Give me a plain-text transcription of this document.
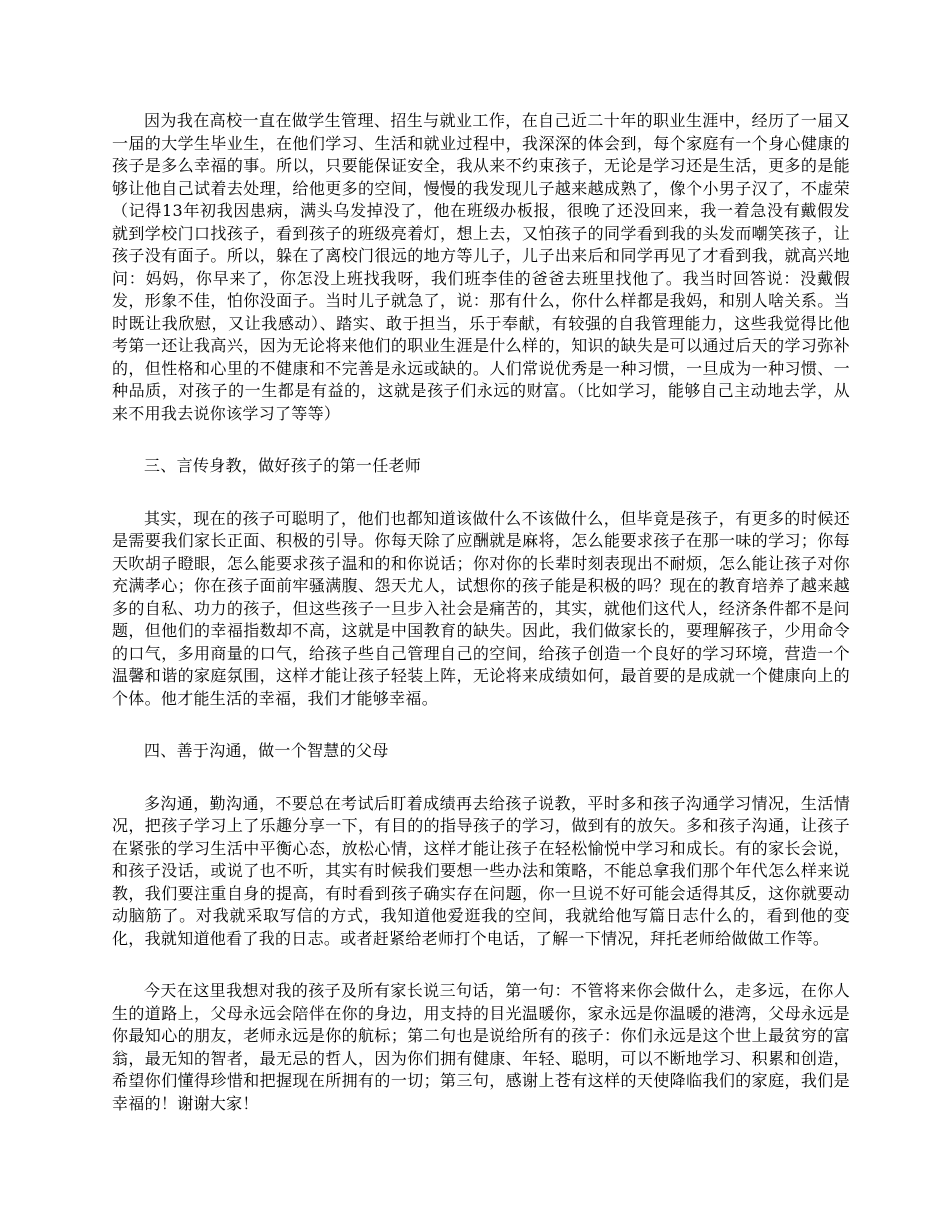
因为我在高校一直在做学生管理、招生与就业工作，在自己近二十年的职业生涯中，经历了一届又一届的大学生毕业生，在他们学习、生活和就业过程中，我深深的体会到，每个家庭有一个身心健康的孩子是多么幸福的事。所以，只要能保证安全，我从来不约束孩子，无论是学习还是生活，更多的是能够让他自己试着去处理，给他更多的空间，慢慢的我发现儿子越来越成熟了，像个小男子汉了，不虚荣（记得13年初我因患病，满头乌发掉没了，他在班级办板报，很晚了还没回来，我一着急没有戴假发就到学校门口找孩子，看到孩子的班级亮着灯，想上去，又怕孩子的同学看到我的头发而嘲笑孩子，让孩子没有面子。所以，躲在了离校门很远的地方等儿子，儿子出来后和同学再见了才看到我，就高兴地问：妈妈，你早来了，你怎没上班找我呀，我们班李佳的爸爸去班里找他了。我当时回答说：没戴假发，形象不佳，怕你没面子。当时儿子就急了，说：那有什么，你什么样都是我妈，和别人啥关系。当时既让我欣慰，又让我感动）、踏实、敢于担当，乐于奉献，有较强的自我管理能力，这些我觉得比他考第一还让我高兴，因为无论将来他们的职业生涯是什么样的，知识的缺失是可以通过后天的学习弥补的，但性格和心里的不健康和不完善是永远或缺的。人们常说优秀是一种习惯，一旦成为一种习惯、一种品质，对孩子的一生都是有益的，这就是孩子们永远的财富。（比如学习，能够自己主动地去学，从来不用我去说你该学习了等等）

三、言传身教，做好孩子的第一任老师

其实，现在的孩子可聪明了，他们也都知道该做什么不该做什么，但毕竟是孩子，有更多的时候还是需要我们家长正面、积极的引导。你每天除了应酬就是麻将，怎么能要求孩子在那一味的学习；你每天吹胡子瞪眼，怎么能要求孩子温和的和你说话；你对你的长辈时刻表现出不耐烦，怎么能让孩子对你充满孝心；你在孩子面前牢骚满腹、怨天尤人，试想你的孩子能是积极的吗？现在的教育培养了越来越多的自私、功力的孩子，但这些孩子一旦步入社会是痛苦的，其实，就他们这代人，经济条件都不是问题，但他们的幸福指数却不高，这就是中国教育的缺失。因此，我们做家长的，要理解孩子，少用命令的口气，多用商量的口气，给孩子些自己管理自己的空间，给孩子创造一个良好的学习环境，营造一个温馨和谐的家庭氛围，这样才能让孩子轻装上阵，无论将来成绩如何，最首要的是成就一个健康向上的个体。他才能生活的幸福，我们才能够幸福。

四、善于沟通，做一个智慧的父母

多沟通，勤沟通，不要总在考试后盯着成绩再去给孩子说教，平时多和孩子沟通学习情况，生活情况，把孩子学习上了乐趣分享一下，有目的的指导孩子的学习，做到有的放矢。多和孩子沟通，让孩子在紧张的学习生活中平衡心态，放松心情，这样才能让孩子在轻松愉悦中学习和成长。有的家长会说，和孩子没话，或说了也不听，其实有时候我们要想一些办法和策略，不能总拿我们那个年代怎么样来说教，我们要注重自身的提高，有时看到孩子确实存在问题，你一旦说不好可能会适得其反，这你就要动动脑筋了。对我就采取写信的方式，我知道他爱逛我的空间，我就给他写篇日志什么的，看到他的变化，我就知道他看了我的日志。或者赶紧给老师打个电话，了解一下情况，拜托老师给做做工作等。

今天在这里我想对我的孩子及所有家长说三句话，第一句：不管将来你会做什么，走多远，在你人生的道路上，父母永远会陪伴在你的身边，用支持的目光温暖你，家永远是你温暖的港湾，父母永远是你最知心的朋友，老师永远是你的航标；第二句也是说给所有的孩子：你们永远是这个世上最贫穷的富翁，最无知的智者，最无忌的哲人，因为你们拥有健康、年轻、聪明，可以不断地学习、积累和创造，希望你们懂得珍惜和把握现在所拥有的一切；第三句，感谢上苍有这样的天使降临我们的家庭，我们是幸福的！谢谢大家！
